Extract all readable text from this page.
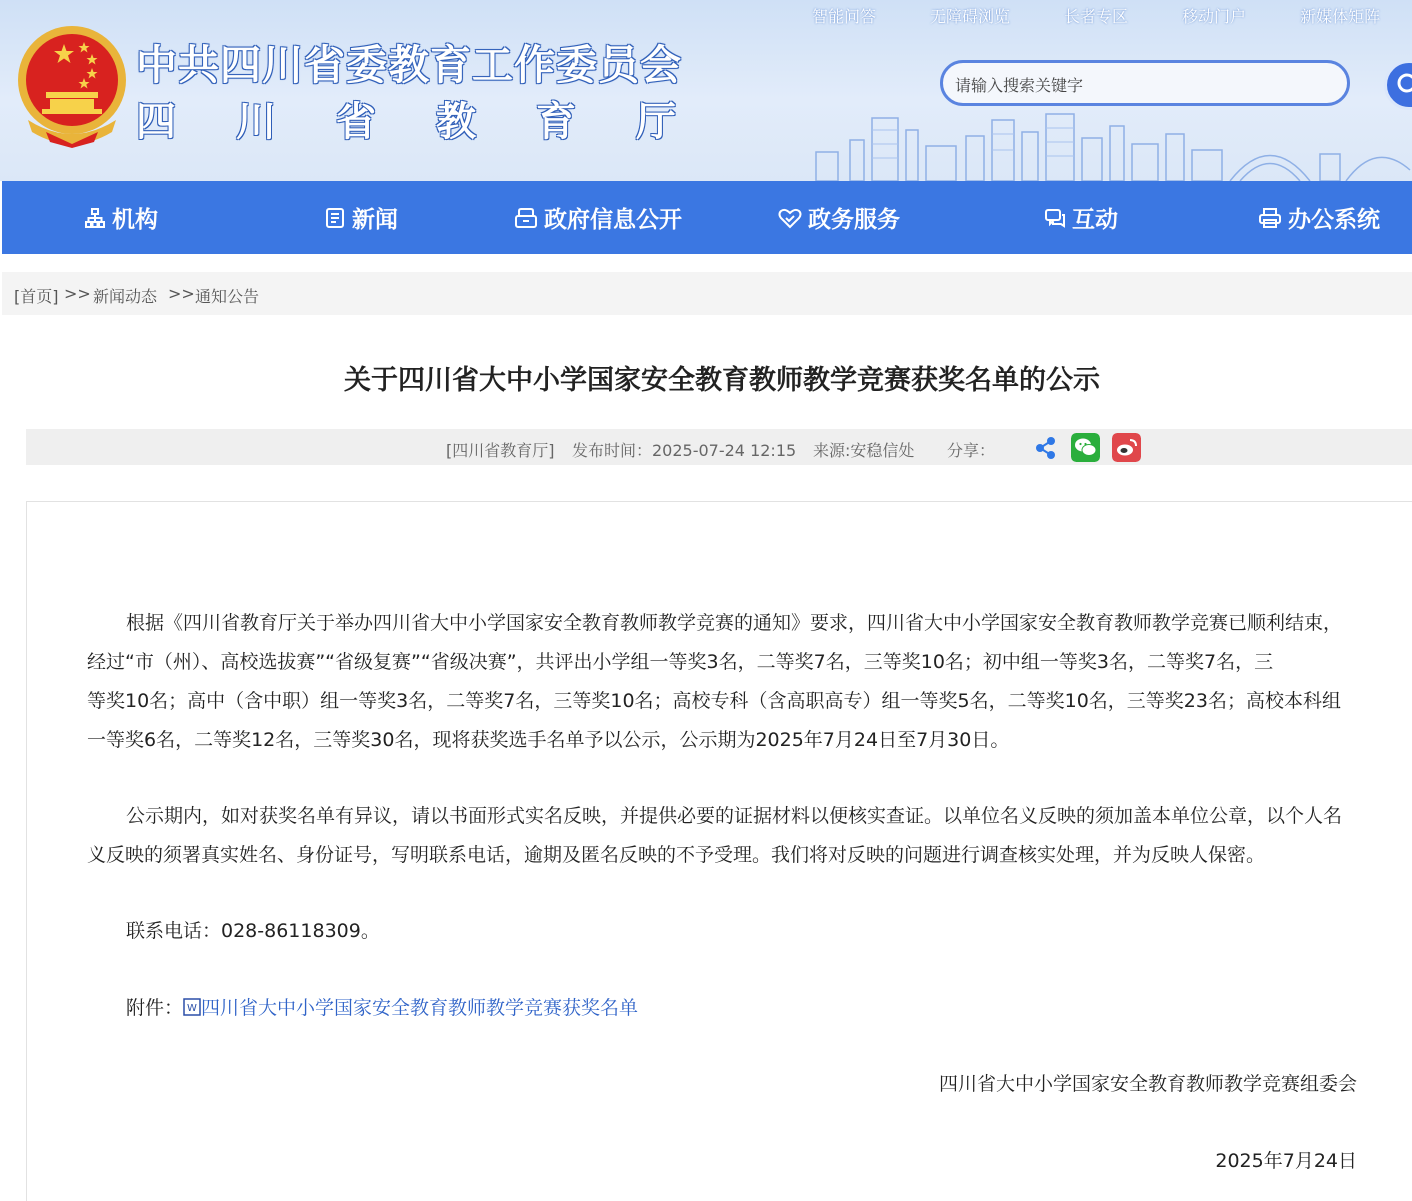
中共四川省委教育工作委员会
四 川 省 教 育 厅
智能问答	无障碍浏览	长者专区	移动门户	新媒体矩阵
请输入搜索关键字
机构	新闻	政府信息公开	政务服务	互动	办公系统
[首页] >> 新闻动态 >> 通知公告
关于四川省大中小学国家安全教育教师教学竞赛获奖名单的公示
[四川省教育厅] 发布时间：2025-07-24 12:15 来源:安稳信处 分享：
根据《四川省教育厅关于举办四川省大中小学国家安全教育教师教学竞赛的通知》要求，四川省大中小学国家安全教育教师教学竞赛已顺利结束，
经过“市（州）、高校选拔赛”“省级复赛”“省级决赛”，共评出小学组一等奖3名，二等奖7名，三等奖10名；初中组一等奖3名，二等奖7名，三
等奖10名；高中（含中职）组一等奖3名，二等奖7名，三等奖10名；高校专科（含高职高专）组一等奖5名，二等奖10名，三等奖23名；高校本科组
一等奖6名，二等奖12名，三等奖30名，现将获奖选手名单予以公示，公示期为2025年7月24日至7月30日。
公示期内，如对获奖名单有异议，请以书面形式实名反映，并提供必要的证据材料以便核实查证。以单位名义反映的须加盖本单位公章，以个人名
义反映的须署真实姓名、身份证号，写明联系电话，逾期及匿名反映的不予受理。我们将对反映的问题进行调查核实处理，并为反映人保密。
联系电话：028-86118309。
附件： W 四川省大中小学国家安全教育教师教学竞赛获奖名单
四川省大中小学国家安全教育教师教学竞赛组委会
2025年7月24日
